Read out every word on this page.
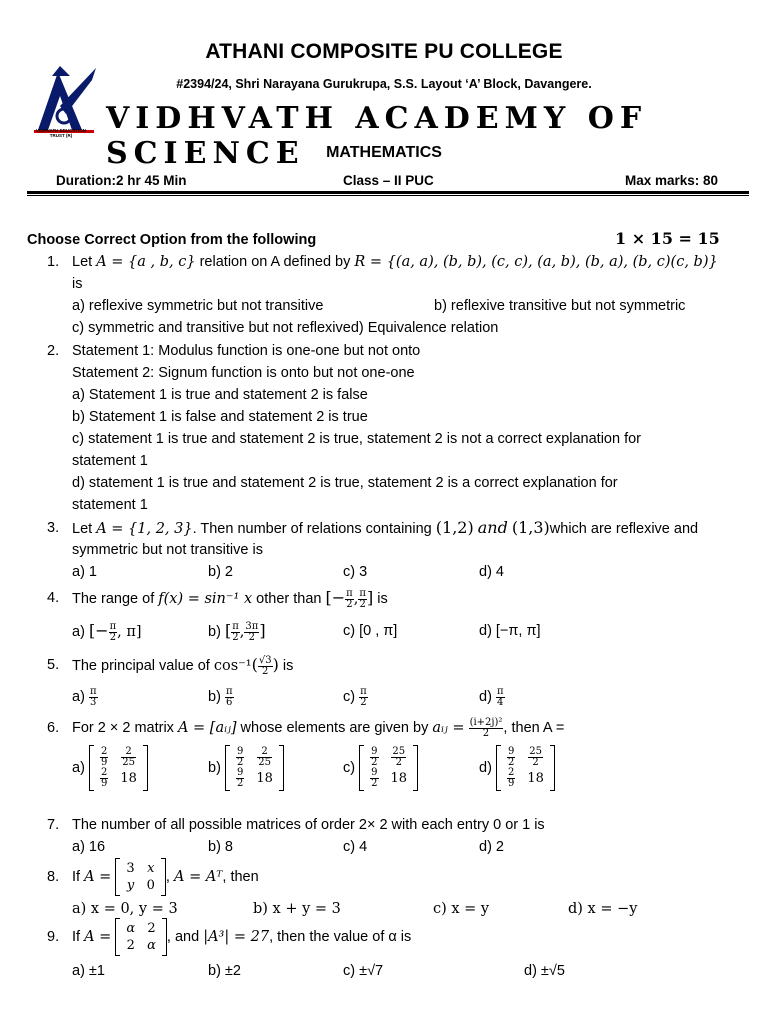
VIDHVATH EDUCATION TRUST (R)
ATHANI COMPOSITE PU COLLEGE
#2394/24, Shri Narayana Gurukrupa, S.S. Layout ‘A’ Block, Davangere.
VIDHVATH ACADEMY OF SCIENCE	MATHEMATICS
Duration:2 hr 45 Min	Class – II PUC	Max marks: 80
Choose Correct Option from the following	1 × 15 = 15
1. Let A = {a , b, c} relation on A defined by R = {(a, a), (b, b), (c, c), (a, b), (b, a), (b, c)(c, b)}
is
a) reflexive symmetric but not transitive	b) reflexive transitive but not symmetric
c) symmetric and transitive but not reflexived) Equivalence relation
2. Statement 1: Modulus function is one-one but not onto
Statement 2: Signum function is onto but not one-one
a) Statement 1 is true and statement 2 is false
b) Statement 1 is false and statement 2 is true
c) statement 1 is true and statement 2 is true, statement 2 is not a correct explanation for
statement 1
d) statement 1 is true and statement 2 is true, statement 2 is a correct explanation for
statement 1
3. Let A = {1, 2, 3}. Then number of relations containing (1,2) and (1,3)which are reflexive and
symmetric but not transitive is
a) 1	b) 2	c) 3	d) 4
4. The range of f(x) = sin⁻¹ x other than [− $\frac{\pi}{2}$ , $\frac{\pi}{2}$ ] is
a) [− $\frac{\pi}{2}$ , π]	b) [ $\frac{\pi}{2}$ , $\frac{3\pi}{2}$ ]	c) [0 , π]	d) [−π, π]
5. The principal value of $\cos^{-1}( \frac{√3}{2}$ ) is
$a) \frac{\pi}{3}$	$b) \frac{\pi}{6}$	$c) \frac{\pi}{2}$	$d) \frac{\pi}{4}$
6. For 2 × 2 matrix A = [aᵢⱼ] whose elements are given by aᵢⱼ = $\frac{\text{(i+2j)²}}{2}$ , then A =
$a) \frac{2}{9}$	$\frac{2}{25}$

$\frac{2}{9}$	18
$b) \frac{9}{2}$	$\frac{2}{25}$

$\frac{9}{2}$	18
$c) \frac{9}{2}$	$\frac{25}{2}$

$\frac{9}{2}$	18
$d) \frac{9}{2}$	$\frac{25}{2}$

$\frac{2}{9}$	18
7. The number of all possible matrices of order 2× 2 with each entry 0 or 1 is
a) 16	b) 8	c) 4	d) 2
8. If A =
3	x
y	0
, A = Aᵀ, then
a) x = 0, y = 3	b) x + y = 3	c) x = y	d) x = −y
9. If A =
α	2
2	α
, and |A³| = 27, then the value of α is
a) ±1	b) ±2	c) ±√7	d) ±√5
